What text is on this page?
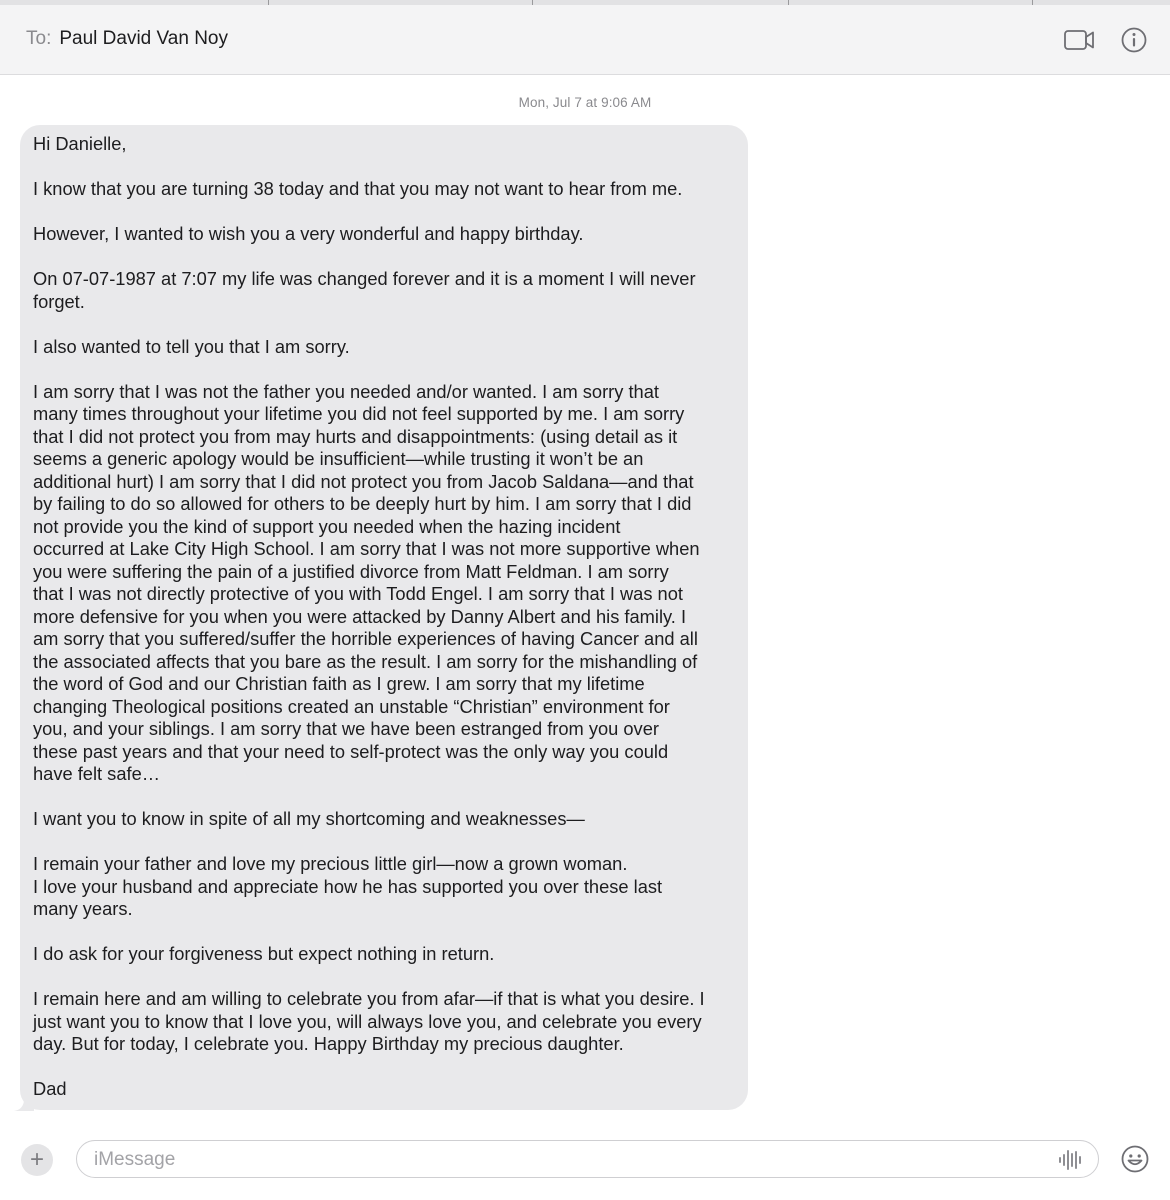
To: Paul David Van Noy
Mon, Jul 7 at 9:06 AM
Hi Danielle,
I know that you are turning 38 today and that you may not want to hear from me.
However, I wanted to wish you a very wonderful and happy birthday.
On 07-07-1987 at 7:07 my life was changed forever and it is a moment I will never
forget.
I also wanted to tell you that I am sorry.
I am sorry that I was not the father you needed and/or wanted. I am sorry that
many times throughout your lifetime you did not feel supported by me. I am sorry
that I did not protect you from may hurts and disappointments: (using detail as it
seems a generic apology would be insufficient—while trusting it won’t be an
additional hurt) I am sorry that I did not protect you from Jacob Saldana—and that
by failing to do so allowed for others to be deeply hurt by him. I am sorry that I did
not provide you the kind of support you needed when the hazing incident
occurred at Lake City High School. I am sorry that I was not more supportive when
you were suffering the pain of a justified divorce from Matt Feldman. I am sorry
that I was not directly protective of you with Todd Engel. I am sorry that I was not
more defensive for you when you were attacked by Danny Albert and his family. I
am sorry that you suffered/suffer the horrible experiences of having Cancer and all
the associated affects that you bare as the result. I am sorry for the mishandling of
the word of God and our Christian faith as I grew. I am sorry that my lifetime
changing Theological positions created an unstable “Christian” environment for
you, and your siblings. I am sorry that we have been estranged from you over
these past years and that your need to self-protect was the only way you could
have felt safe…
I want you to know in spite of all my shortcoming and weaknesses—
I remain your father and love my precious little girl—now a grown woman.
I love your husband and appreciate how he has supported you over these last
many years.
I do ask for your forgiveness but expect nothing in return.
I remain here and am willing to celebrate you from afar—if that is what you desire. I
just want you to know that I love you, will always love you, and celebrate you every
day. But for today, I celebrate you. Happy Birthday my precious daughter.
Dad
+	iMessage
